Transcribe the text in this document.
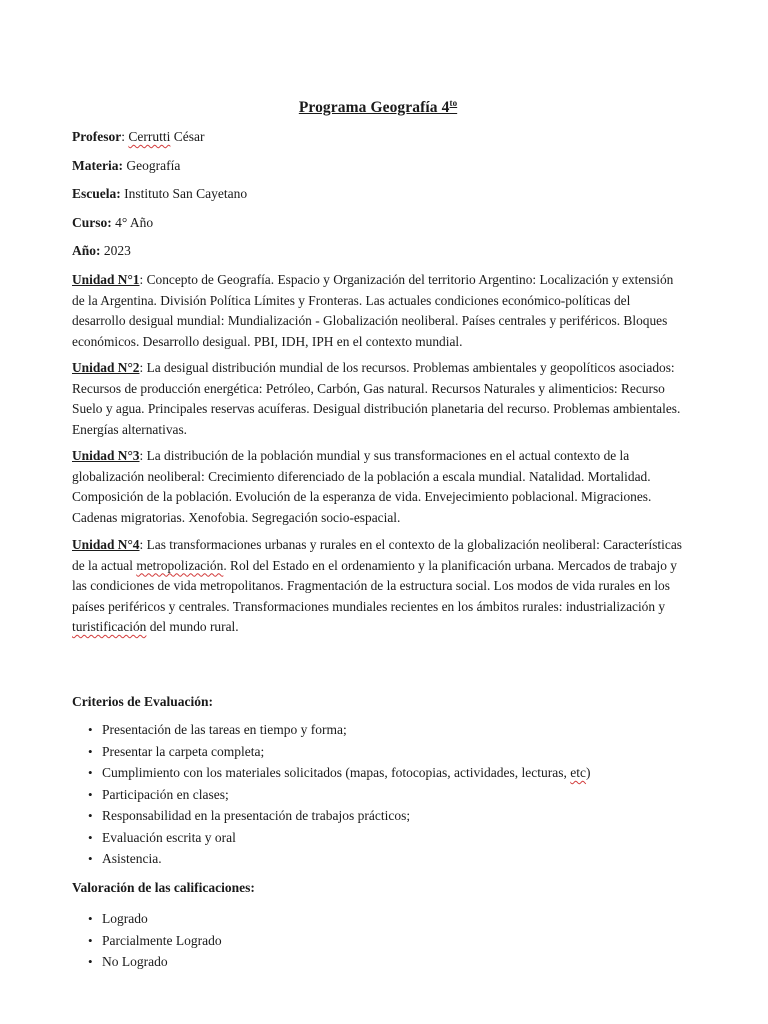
Programa Geografía $4^{to}$
Profesor: Cerrutti César
Materia: Geografía
Escuela: Instituto San Cayetano
Curso: 4° Año
Año: 2023
Unidad N°1: Concepto de Geografía. Espacio y Organización del territorio Argentino: Localización y extensión de la Argentina. División Política Límites y Fronteras. Las actuales condiciones económico-políticas del desarrollo desigual mundial: Mundialización - Globalización neoliberal. Países centrales y periféricos. Bloques económicos. Desarrollo desigual. PBI, IDH, IPH en el contexto mundial.
Unidad N°2: La desigual distribución mundial de los recursos. Problemas ambientales y geopolíticos asociados: Recursos de producción energética: Petróleo, Carbón, Gas natural. Recursos Naturales y alimenticios: Recurso Suelo y agua. Principales reservas acuíferas. Desigual distribución planetaria del recurso. Problemas ambientales. Energías alternativas.
Unidad N°3: La distribución de la población mundial y sus transformaciones en el actual contexto de la globalización neoliberal: Crecimiento diferenciado de la población a escala mundial. Natalidad. Mortalidad. Composición de la población. Evolución de la esperanza de vida. Envejecimiento poblacional. Migraciones. Cadenas migratorias. Xenofobia. Segregación socio-espacial.
Unidad N°4: Las transformaciones urbanas y rurales en el contexto de la globalización neoliberal: Características de la actual metropolización. Rol del Estado en el ordenamiento y la planificación urbana. Mercados de trabajo y las condiciones de vida metropolitanos. Fragmentación de la estructura social. Los modos de vida rurales en los países periféricos y centrales. Transformaciones mundiales recientes en los ámbitos rurales: industrialización y turistificación del mundo rural.
Criterios de Evaluación:
• Presentación de las tareas en tiempo y forma;
• Presentar la carpeta completa;
• Cumplimiento con los materiales solicitados (mapas, fotocopias, actividades, lecturas, etc)
• Participación en clases;
• Responsabilidad en la presentación de trabajos prácticos;
• Evaluación escrita y oral
• Asistencia.
Valoración de las calificaciones:
• Logrado
• Parcialmente Logrado
• No Logrado
